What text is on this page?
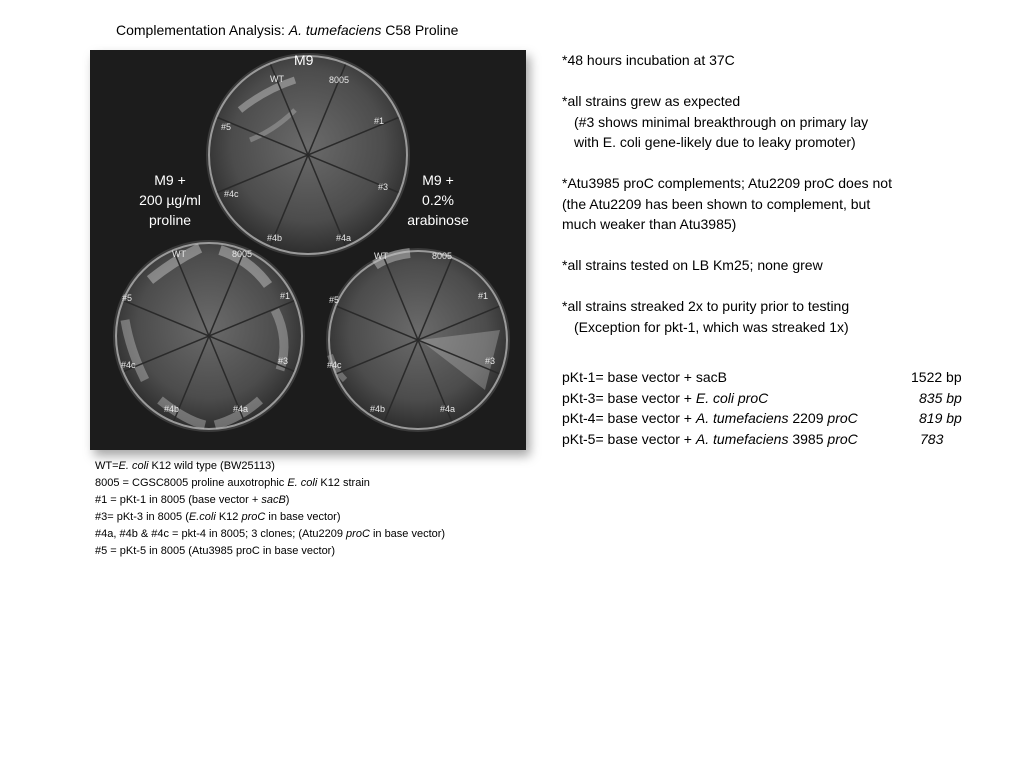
Complementation Analysis: A. tumefaciens C58 Proline
M9
M9 +
200 µg/ml
proline
M9 +
0.2%
arabinose
WT	8005
#1
#3
#4a
#4b
#4c
#5
WT	8005
#1
#3
#4a
#4b
#4c
#5
WT	8005
#1
#3
#4a
#4b
#4c
#5
WT=E. coli K12 wild type (BW25113)
8005 = CGSC8005 proline auxotrophic E. coli K12 strain
#1 = pKt-1 in 8005 (base vector + sacB)
#3= pKt-3 in 8005 (E.coli K12 proC in base vector)
#4a, #4b & #4c = pkt-4 in 8005; 3 clones; (Atu2209 proC in base vector)
#5 = pKt-5 in 8005 (Atu3985 proC in base vector)
*48 hours incubation at 37C
*all strains grew as expected
(#3 shows minimal breakthrough on primary lay
with E. coli gene-likely due to leaky promoter)
*Atu3985 proC complements; Atu2209 proC does not
(the Atu2209 has been shown to complement, but
much weaker than Atu3985)
*all strains tested on LB Km25; none grew
*all strains streaked 2x to purity prior to testing
(Exception for pkt-1, which was streaked 1x)
pKt-1= base vector + sacB	1522 bp
pKt-3= base vector + E. coli proC	835 bp
pKt-4= base vector + A. tumefaciens 2209 proC	819 bp
pKt-5= base vector + A. tumefaciens 3985 proC	783
